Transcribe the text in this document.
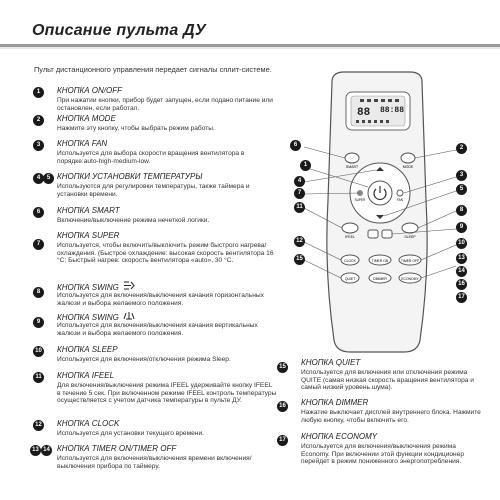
Описание пульта ДУ
Пульт дистанционного управления передает сигналы сплит-системе.
1	КНОПКА ON/OFF
При нажатии кнопки, прибор будет запущен, если подано питание или остановлен, если работал.
2	КНОПКА MODE
Нажмите эту кнопку, чтобы выбрать режим работы.
3	КНОПКА FAN
Используется для выбора скорости вращения вентилятора в порядке:auto-high-medium-low.
4	5 КНОПКИ УСТАНОВКИ ТЕМПЕРАТУРЫ
Используются для регулировки температуры, также таймера и установки времени.
6	КНОПКА SMART
Включение/выключение режима нечеткой логики.
7
КНОПКА SUPER
Используется, чтобы включить/выключить режим быстрого нагрева/охлаждения. (Быстрое охлаждение: высокая скорость вентилятора 16 °С; Быстрый нагрев: скорость вентилятора «auto», 30 °С.
8	КНОПКА SWING
Используется для включения/выключения качания горизонтальных жалюзи и выбора желаемого положения.
9	КНОПКА SWING
Используется для включения/выключения качания вертикальных жалюзи и выбора желаемого положения.
10 КНОПКА SLEEP
Используется для включения/отключения режима Sleep.
11 КНОПКА IFEEL
Для включения/выключения режима IFEEL удерживайте кнопку IFEEL в течение 5 сек. При включенном режиме IFEEL контроль температуры осуществляется с учетом датчика температуры в пульте ДУ.
12 КНОПКА CLOCK
Используется для установки текущего времени.
13 14 КНОПКА TIMER ON/TIMER OFF
Используется для включения/выключения времени включения/выключения прибора по таймеру.
15 КНОПКА QUIET
Используется для включения или отключения режима QUITE (самая низкая скорость вращения вентилятора и самый низкий уровень шума).
16 КНОПКА DIMMER
Нажатие выключает дисплей внутреннего блока. Нажмите любую кнопку, чтобы включить его.
17 КНОПКА ECONOMY
Используется для включения/выключения режима Economy. При включении этой функции кондиционер перейдет в режим пониженного энергопотребления.
88 88:88
SMART	MODE
SUPER	FAN
IFEEL	SLEEP
CLOCK	TIMER ON	TIMER OFF
QUIET	DIMMER	ECONOMY
6
1
2
3
4
5
7
8
9
10
11
12
13
14
15
16
17
